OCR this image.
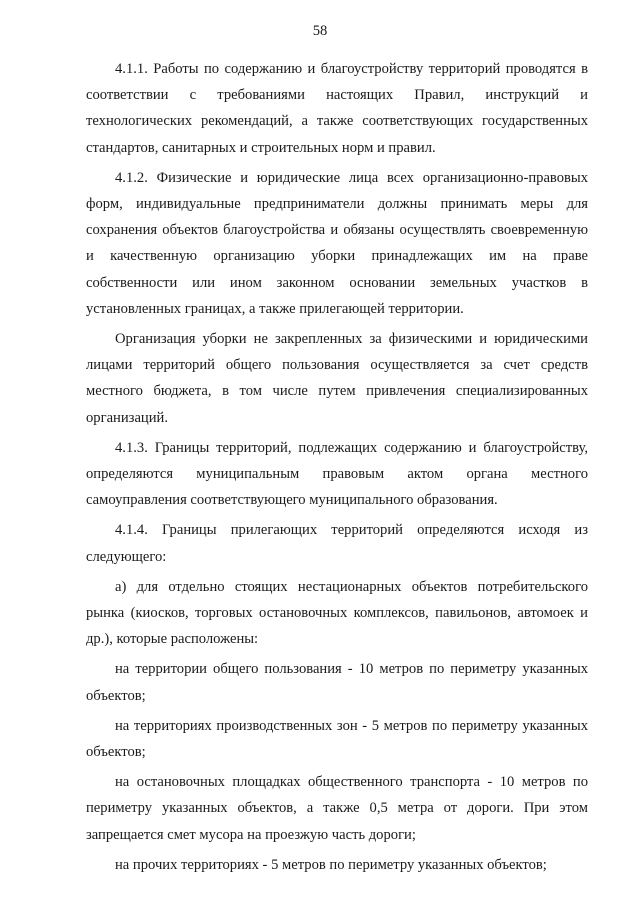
58

4.1.1. Работы по содержанию и благоустройству территорий проводятся в соответствии с требованиями настоящих Правил, инструкций и технологических рекомендаций, а также соответствующих государственных стандартов, санитарных и строительных норм и правил.

4.1.2. Физические и юридические лица всех организационно-правовых форм, индивидуальные предприниматели должны принимать меры для сохранения объектов благоустройства и обязаны осуществлять своевременную и качественную организацию уборки принадлежащих им на праве собственности или ином законном основании земельных участков в установленных границах, а также прилегающей территории.

Организация уборки не закрепленных за физическими и юридическими лицами территорий общего пользования осуществляется за счет средств местного бюджета, в том числе путем привлечения специализированных организаций.

4.1.3. Границы территорий, подлежащих содержанию и благоустройству, определяются муниципальным правовым актом органа местного самоуправления соответствующего муниципального образования.

4.1.4. Границы прилегающих территорий определяются исходя из следующего:

а) для отдельно стоящих нестационарных объектов потребительского рынка (киосков, торговых остановочных комплексов, павильонов, автомоек и др.), которые расположены:

на территории общего пользования - 10 метров по периметру указанных объектов;

на территориях производственных зон - 5 метров по периметру указанных объектов;

на остановочных площадках общественного транспорта - 10 метров по периметру указанных объектов, а также 0,5 метра от дороги. При этом запрещается смет мусора на проезжую часть дороги;

на прочих территориях - 5 метров по периметру указанных объектов;
